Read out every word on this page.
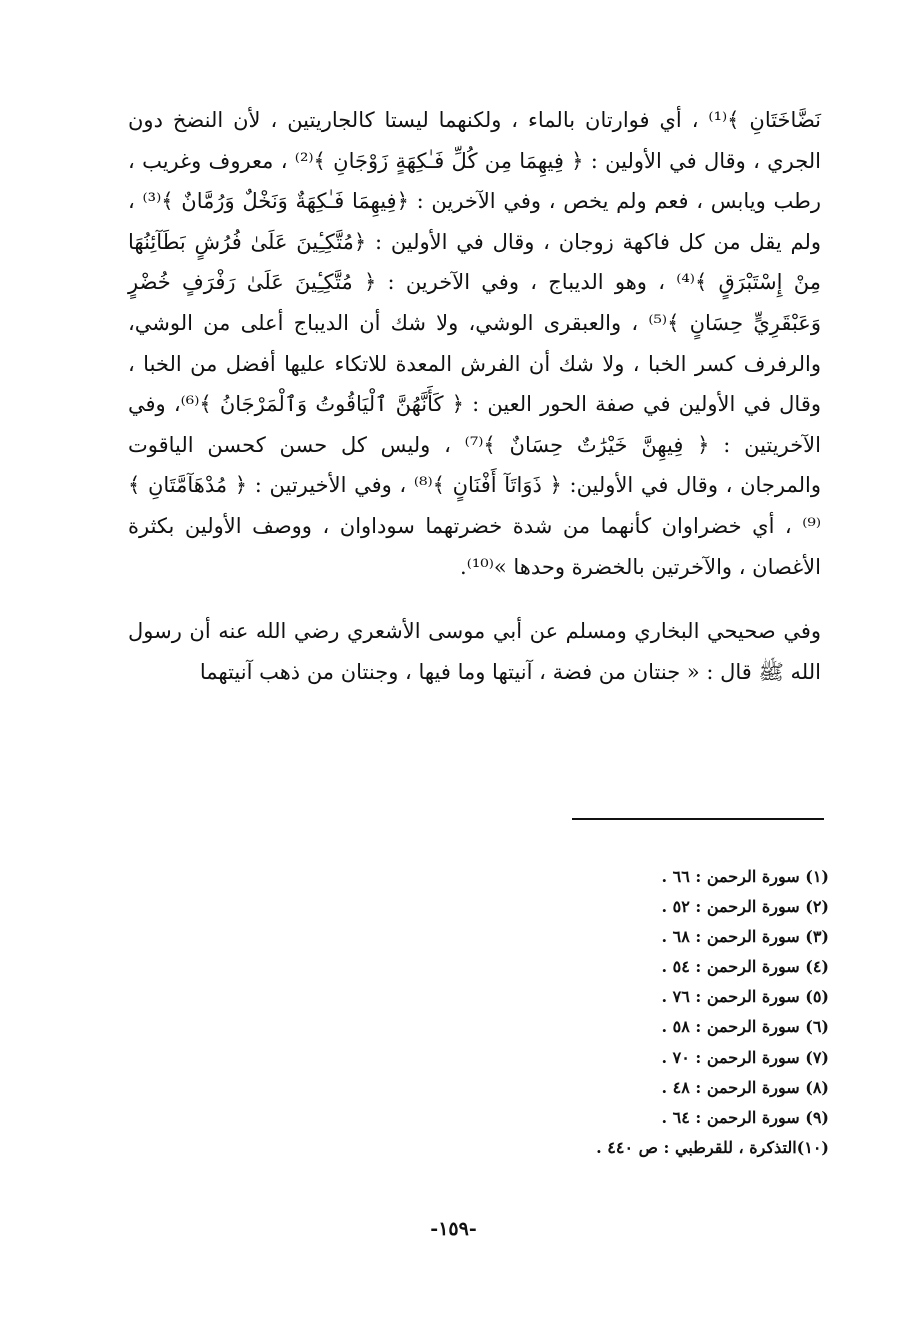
نَضَّاخَتَانِ ﴾⁽¹⁾ ، أي فوارتان بالماء ، ولكنهما ليستا كالجاريتين ، لأن النضخ دون الجري ، وقال في الأولين : ﴿ فِيهِمَا مِن كُلِّ فَـٰكِهَةٍ زَوْجَانِ ﴾⁽²⁾ ، معروف وغريب ، رطب ويابس ، فعم ولم يخص ، وفي الآخرين : ﴿فِيهِمَا فَـٰكِهَةٌ وَنَخْلٌ وَرُمَّانٌ ﴾⁽³⁾ ، ولم يقل من كل فاكهة زوجان ، وقال في الأولين : ﴿مُتَّكِـِٔينَ عَلَىٰ فُرُشٍ بَطَآئِنُهَا مِنْ إِسْتَبْرَقٍ ﴾⁽⁴⁾ ، وهو الديباج ، وفي الآخرين : ﴿ مُتَّكِـِٔينَ عَلَىٰ رَفْرَفٍ خُضْرٍ وَعَبْقَرِيٍّ حِسَانٍ ﴾⁽⁵⁾ ، والعبقرى الوشي، ولا شك أن الديباج أعلى من الوشي، والرفرف كسر الخبا ، ولا شك أن الفرش المعدة للاتكاء عليها أفضل من الخبا ، وقال في الأولين في صفة الحور العين : ﴿ كَأَنَّهُنَّ ٱلْيَاقُوتُ وَٱلْمَرْجَانُ ﴾⁽⁶⁾، وفي الآخريتين : ﴿ فِيهِنَّ خَيْرَٰتٌ حِسَانٌ ﴾⁽⁷⁾ ، وليس كل حسن كحسن الياقوت والمرجان ، وقال في الأولين: ﴿ ذَوَاتَآ أَفْنَانٍ ﴾⁽⁸⁾ ، وفي الأخيرتين : ﴿ مُدْهَآمَّتَانِ ﴾⁽⁹⁾ ، أي خضراوان كأنهما من شدة خضرتهما سوداوان ، ووصف الأولين بكثرة الأغصان ، والآخرتين بالخضرة وحدها »⁽¹⁰⁾.

وفي صحيحي البخاري ومسلم عن أبي موسى الأشعري رضي الله عنه أن رسول الله ﷺ قال : « جنتان من فضة ، آنيتها وما فيها ، وجنتان من ذهب آنيتهما

(١) سورة الرحمن : ٦٦ .
(٢) سورة الرحمن : ٥٢ .
(٣) سورة الرحمن : ٦٨ .
(٤) سورة الرحمن : ٥٤ .
(٥) سورة الرحمن : ٧٦ .
(٦) سورة الرحمن : ٥٨ .
(٧) سورة الرحمن : ٧٠ .
(٨) سورة الرحمن : ٤٨ .
(٩) سورة الرحمن : ٦٤ .
(١٠)التذكرة ، للقرطبي : ص ٤٤٠ .
-١٥٩-
